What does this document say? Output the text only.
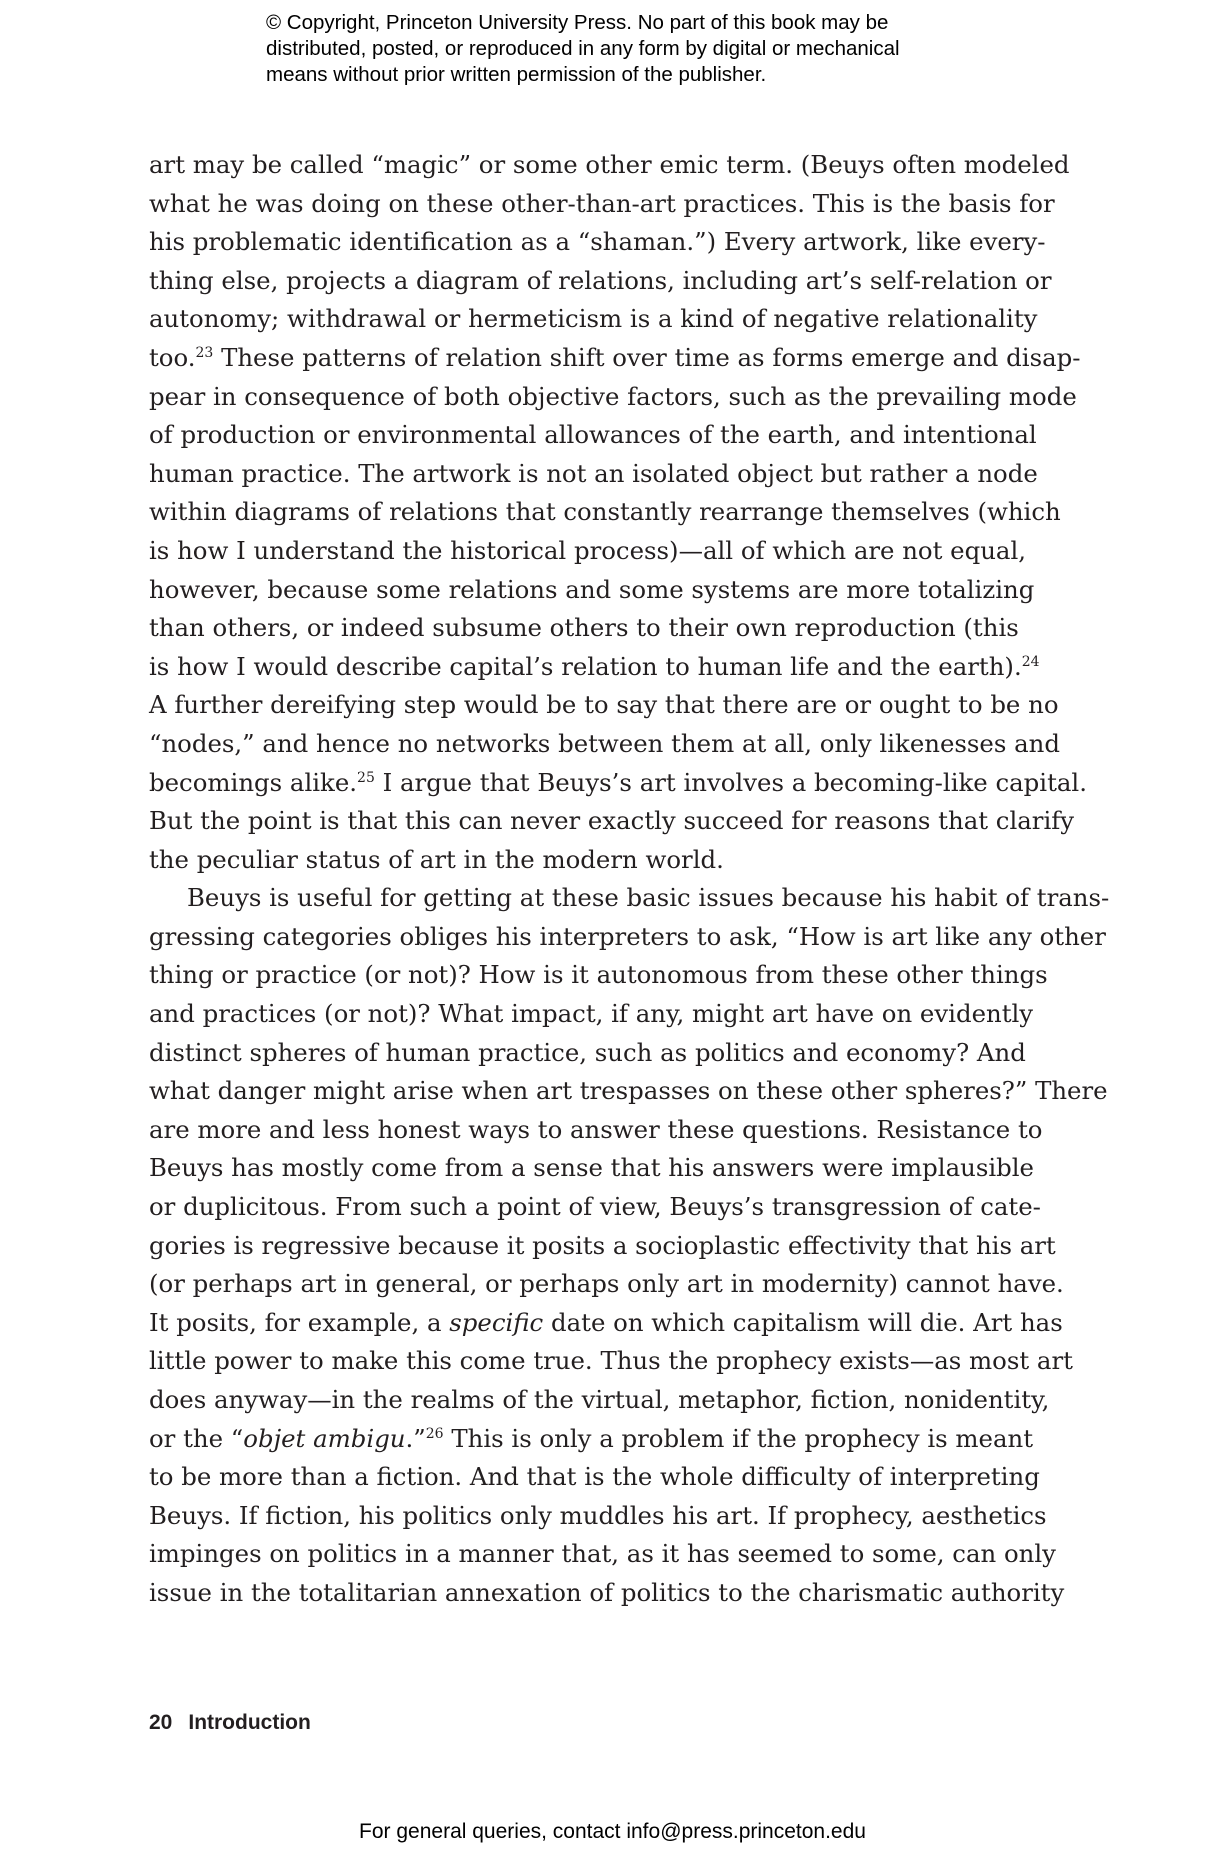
© Copyright, Princeton University Press. No part of this book may be
distributed, posted, or reproduced in any form by digital or mechanical
means without prior written permission of the publisher.
art may be called “magic” or some other emic term. (Beuys often modeled
what he was doing on these other-than-art practices. This is the basis for
his problematic identification as a “shaman.”) Every artwork, like every-
thing else, projects a diagram of relations, including art’s self-relation or
autonomy; withdrawal or hermeticism is a kind of negative relationality
too.$^{23}$ These patterns of relation shift over time as forms emerge and disap-
pear in consequence of both objective factors, such as the prevailing mode
of production or environmental allowances of the earth, and intentional
human practice. The artwork is not an isolated object but rather a node
within diagrams of relations that constantly rearrange themselves (which
is how I understand the historical process)—all of which are not equal,
however, because some relations and some systems are more totalizing
than others, or indeed subsume others to their own reproduction (this
is how I would describe capital’s relation to human life and the earth).$^{24}$
A further dereifying step would be to say that there are or ought to be no
“nodes,” and hence no networks between them at all, only likenesses and
becomings alike.$^{25}$ I argue that Beuys’s art involves a becoming-like capital.
But the point is that this can never exactly succeed for reasons that clarify
the peculiar status of art in the modern world.
Beuys is useful for getting at these basic issues because his habit of trans-
gressing categories obliges his interpreters to ask, “How is art like any other
thing or practice (or not)? How is it autonomous from these other things
and practices (or not)? What impact, if any, might art have on evidently
distinct spheres of human practice, such as politics and economy? And
what danger might arise when art trespasses on these other spheres?” There
are more and less honest ways to answer these questions. Resistance to
Beuys has mostly come from a sense that his answers were implausible
or duplicitous. From such a point of view, Beuys’s transgression of cate-
gories is regressive because it posits a socioplastic effectivity that his art
(or perhaps art in general, or perhaps only art in modernity) cannot have.
It posits, for example, a specific date on which capitalism will die. Art has
little power to make this come true. Thus the prophecy exists—as most art
does anyway—in the realms of the virtual, metaphor, fiction, nonidentity,
or the “objet ambigu.”$^{26}$ This is only a problem if the prophecy is meant
to be more than a fiction. And that is the whole difficulty of interpreting
Beuys. If fiction, his politics only muddles his art. If prophecy, aesthetics
impinges on politics in a manner that, as it has seemed to some, can only
issue in the totalitarian annexation of politics to the charismatic authority
20 Introduction
For general queries, contact info@press.princeton.edu
